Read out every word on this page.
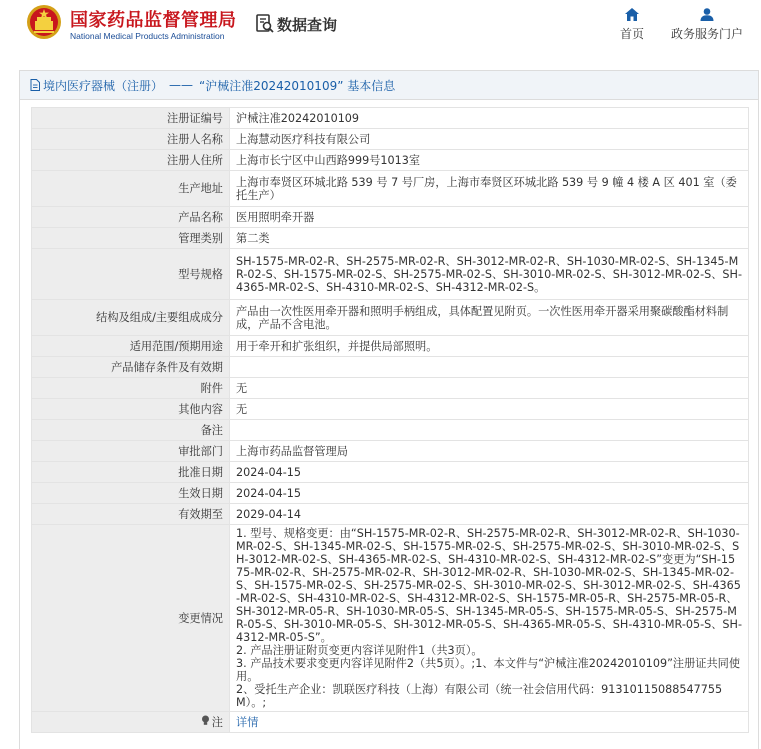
国家药品监督管理局
National Medical Products Administration
数据查询
首页 政务服务门户
境内医疗器械（注册） —— “沪械注准20242010109” 基本信息
注册证编号	沪械注准20242010109
注册人名称	上海慧动医疗科技有限公司
注册人住所	上海市长宁区中山西路999号1013室
生产地址	上海市奉贤区环城北路 539 号 7 号厂房，上海市奉贤区环城北路 539 号 9 幢 4 楼 A 区 401 室（委托生产）
产品名称	医用照明牵开器
管理类别	第二类
型号规格	SH-1575-MR-02-R、SH-2575-MR-02-R、SH-3012-MR-02-R、SH-1030-MR-02-S、SH-1345-MR-02-S、SH-1575-MR-02-S、SH-2575-MR-02-S、SH-3010-MR-02-S、SH-3012-MR-02-S、SH-4365-MR-02-S、SH-4310-MR-02-S、SH-4312-MR-02-S。
结构及组成/主要组成成分	产品由一次性医用牵开器和照明手柄组成，具体配置见附页。一次性医用牵开器采用聚碳酸酯材料制成，产品不含电池。
适用范围/预期用途	用于牵开和扩张组织，并提供局部照明。
产品储存条件及有效期	
附件	无
其他内容	无
备注	
审批部门	上海市药品监督管理局
批准日期	2024-04-15
生效日期	2024-04-15
有效期至	2029-04-14
变更情况	1. 型号、规格变更：由“SH-1575-MR-02-R、SH-2575-MR-02-R、SH-3012-MR-02-R、SH-1030-MR-02-S、SH-1345-MR-02-S、SH-1575-MR-02-S、SH-2575-MR-02-S、SH-3010-MR-02-S、SH-3012-MR-02-S、SH-4365-MR-02-S、SH-4310-MR-02-S、SH-4312-MR-02-S”变更为“SH-1575-MR-02-R、SH-2575-MR-02-R、SH-3012-MR-02-R、SH-1030-MR-02-S、SH-1345-MR-02-S、SH-1575-MR-02-S、SH-2575-MR-02-S、SH-3010-MR-02-S、SH-3012-MR-02-S、SH-4365-MR-02-S、SH-4310-MR-02-S、SH-4312-MR-02-S、SH-1575-MR-05-R、SH-2575-MR-05-R、SH-3012-MR-05-R、SH-1030-MR-05-S、SH-1345-MR-05-S、SH-1575-MR-05-S、SH-2575-MR-05-S、SH-3010-MR-05-S、SH-3012-MR-05-S、SH-4365-MR-05-S、SH-4310-MR-05-S、SH-4312-MR-05-S”。
2. 产品注册证附页变更内容详见附件1（共3页）。
3. 产品技术要求变更内容详见附件2（共5页）。;1、本文件与“沪械注准20242010109”注册证共同使用。
2、受托生产企业：凯联医疗科技（上海）有限公司（统一社会信用代码：91310115088547755M）。;

注	详情
